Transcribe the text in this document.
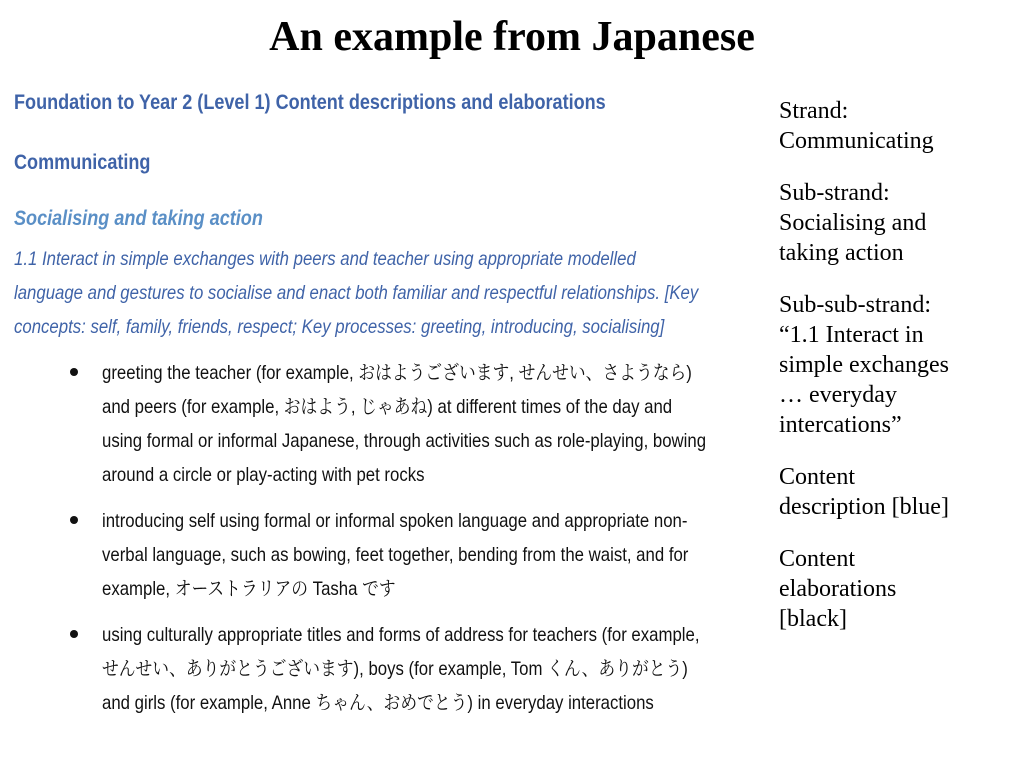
An example from Japanese
Foundation to Year 2 (Level 1) Content descriptions and elaborations
Communicating
Socialising and taking action
1.1 Interact in simple exchanges with peers and teacher using appropriate modelled
language and gestures to socialise and enact both familiar and respectful relationships. [Key
concepts: self, family, friends, respect; Key processes: greeting, introducing, socialising]
greeting the teacher (for example, おはようございます, せんせい、さようなら)
and peers (for example, おはよう, じゃあね) at different times of the day and
using formal or informal Japanese, through activities such as role-playing, bowing
around a circle or play-acting with pet rocks
introducing self using formal or informal spoken language and appropriate non-
verbal language, such as bowing, feet together, bending from the waist, and for
example, オーストラリアの Tasha です
using culturally appropriate titles and forms of address for teachers (for example,
せんせい、ありがとうございます), boys (for example, Tom くん、ありがとう)
and girls (for example, Anne ちゃん、おめでとう) in everyday interactions

Strand:
Communicating

Sub-strand:
Socialising and
taking action

Sub-sub-strand:
“1.1 Interact in
simple exchanges
… everyday
intercations”

Content
description [blue]

Content
elaborations
[black]
